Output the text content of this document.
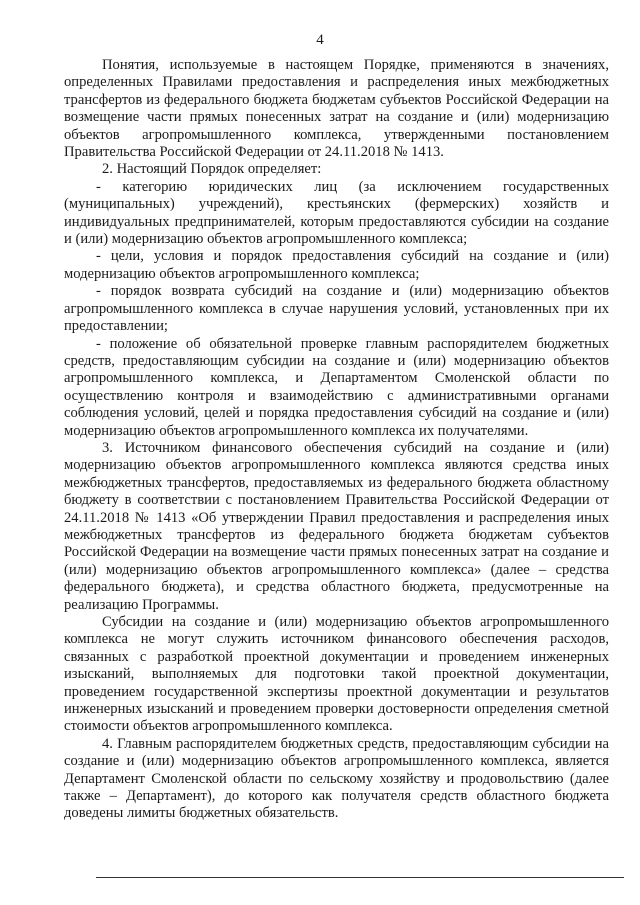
4

Понятия, используемые в настоящем Порядке, применяются в значениях, определенных Правилами предоставления и распределения иных межбюджетных трансфертов из федерального бюджета бюджетам субъектов Российской Федерации на возмещение части прямых понесенных затрат на создание и (или) модернизацию объектов агропромышленного комплекса, утвержденными постановлением Правительства Российской Федерации от 24.11.2018 № 1413.

2. Настоящий Порядок определяет:

- категорию юридических лиц (за исключением государственных (муниципальных) учреждений), крестьянских (фермерских) хозяйств и индивидуальных предпринимателей, которым предоставляются субсидии на создание и (или) модернизацию объектов агропромышленного комплекса;

- цели, условия и порядок предоставления субсидий на создание и (или) модернизацию объектов агропромышленного комплекса;

- порядок возврата субсидий на создание и (или) модернизацию объектов агропромышленного комплекса в случае нарушения условий, установленных при их предоставлении;

- положение об обязательной проверке главным распорядителем бюджетных средств, предоставляющим субсидии на создание и (или) модернизацию объектов агропромышленного комплекса, и Департаментом Смоленской области по осуществлению контроля и взаимодействию с административными органами соблюдения условий, целей и порядка предоставления субсидий на создание и (или) модернизацию объектов агропромышленного комплекса их получателями.

3. Источником финансового обеспечения субсидий на создание и (или) модернизацию объектов агропромышленного комплекса являются средства иных межбюджетных трансфертов, предоставляемых из федерального бюджета областному бюджету в соответствии с постановлением Правительства Российской Федерации от 24.11.2018 № 1413 «Об утверждении Правил предоставления и распределения иных межбюджетных трансфертов из федерального бюджета бюджетам субъектов Российской Федерации на возмещение части прямых понесенных затрат на создание и (или) модернизацию объектов агропромышленного комплекса» (далее – средства федерального бюджета), и средства областного бюджета, предусмотренные на реализацию Программы.

Субсидии на создание и (или) модернизацию объектов агропромышленного комплекса не могут служить источником финансового обеспечения расходов, связанных с разработкой проектной документации и проведением инженерных изысканий, выполняемых для подготовки такой проектной документации, проведением государственной экспертизы проектной документации и результатов инженерных изысканий и проведением проверки достоверности определения сметной стоимости объектов агропромышленного комплекса.

4. Главным распорядителем бюджетных средств, предоставляющим субсидии на создание и (или) модернизацию объектов агропромышленного комплекса, является Департамент Смоленской области по сельскому хозяйству и продовольствию (далее также – Департамент), до которого как получателя средств областного бюджета доведены лимиты бюджетных обязательств.
